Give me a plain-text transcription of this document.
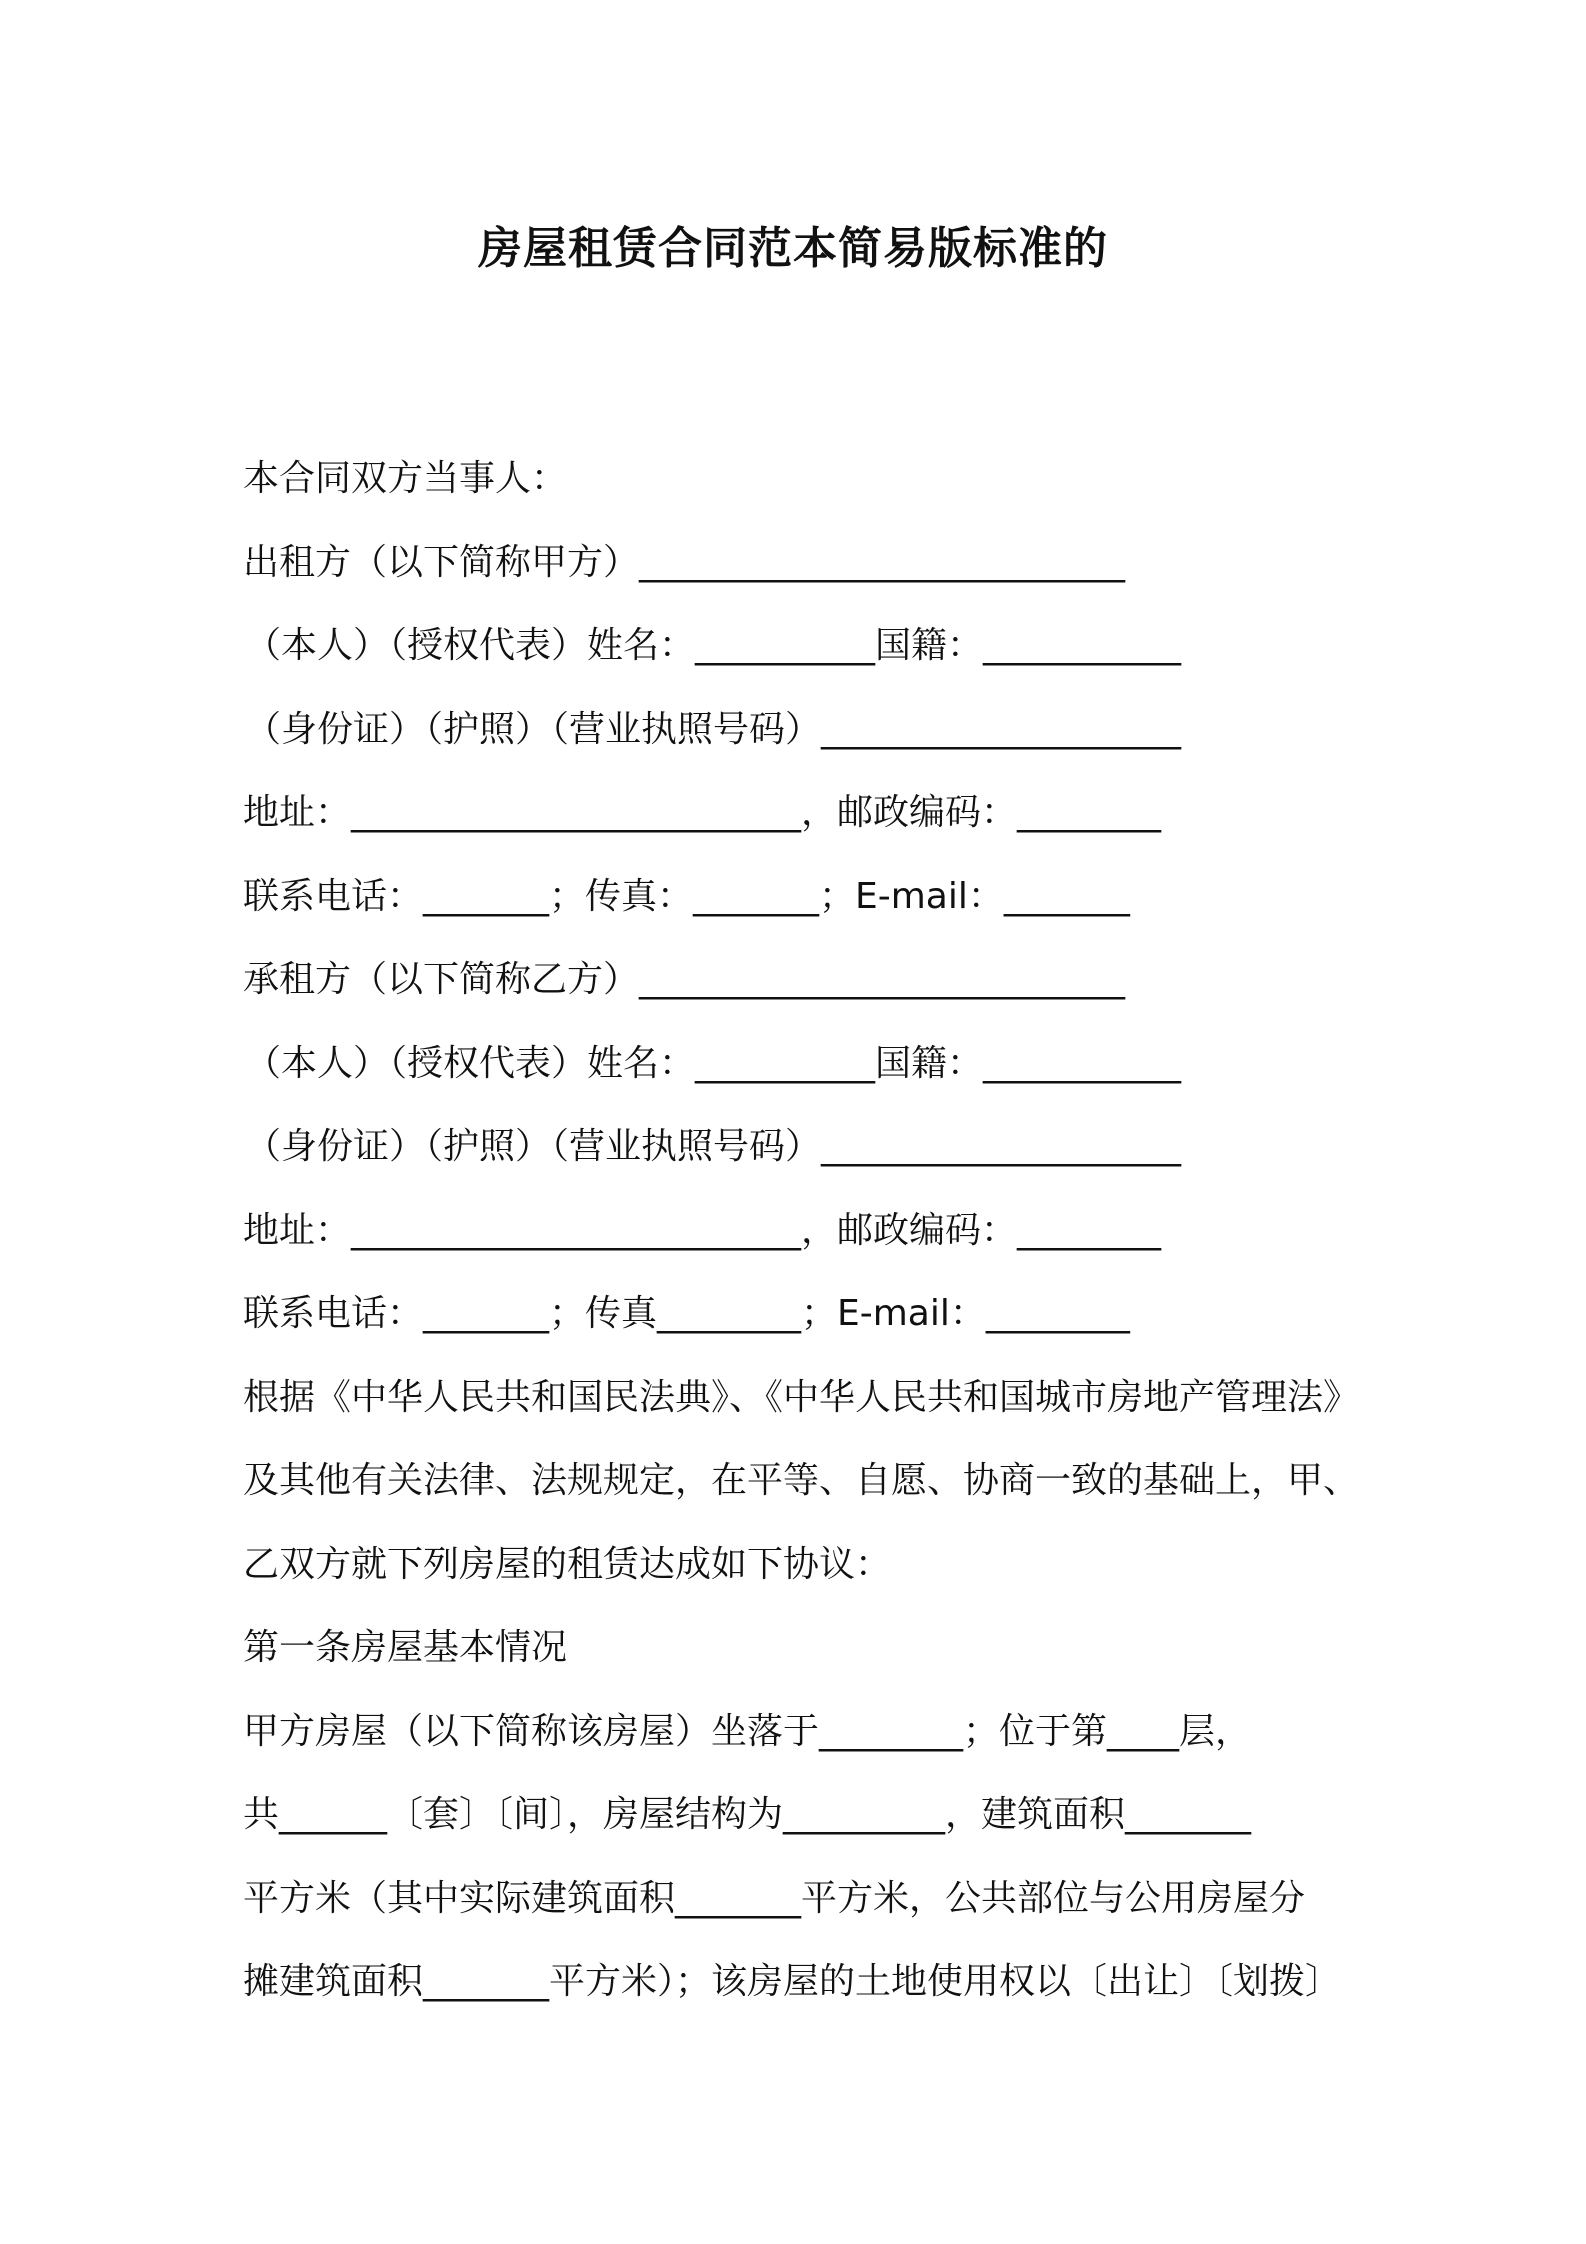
房屋租赁合同范本简易版标准的
本合同双方当事人：
出租方（以下简称甲方）___________________________
（本人）（授权代表）姓名：__________国籍：___________
（身份证）（护照）（营业执照号码）____________________
地址：_________________________，邮政编码：________
联系电话：_______；传真：_______；E-mail：_______
承租方（以下简称乙方）___________________________
（本人）（授权代表）姓名：__________国籍：___________
（身份证）（护照）（营业执照号码）____________________
地址：_________________________，邮政编码：________
联系电话：_______；传真________；E-mail：________
根据《中华人民共和国民法典》、《中华人民共和国城市房地产管理法》
及其他有关法律、法规规定，在平等、自愿、协商一致的基础上，甲、
乙双方就下列房屋的租赁达成如下协议：
第一条房屋基本情况
甲方房屋（以下简称该房屋）坐落于________；位于第____层，
共______〔套〕〔间〕，房屋结构为_________，建筑面积_______
平方米（其中实际建筑面积_______平方米，公共部位与公用房屋分
摊建筑面积_______平方米）；该房屋的土地使用权以〔出让〕〔划拨〕
